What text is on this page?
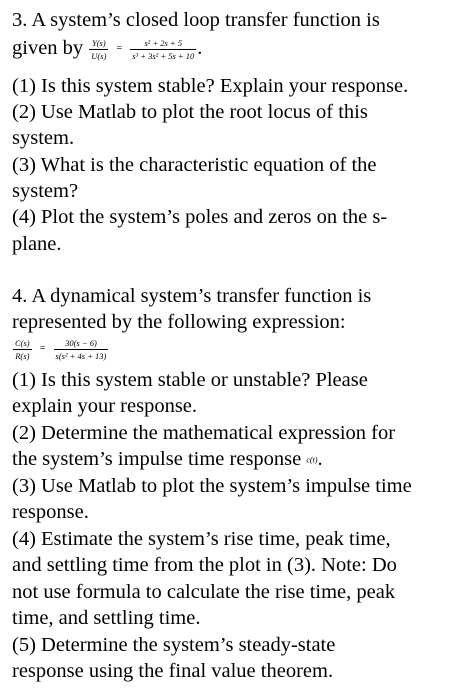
3. A system’s closed loop transfer function is
given by $\frac{Y(s)}{U(s)} = \frac{\text{s² + 2s + 5}}{\text{s³ + 3s² + 5s + 10}}$ .
(1) Is this system stable? Explain your response.
(2) Use Matlab to plot the root locus of this
system.
(3) What is the characteristic equation of the
system?
(4) Plot the system’s poles and zeros on the s-
plane.
4. A dynamical system’s transfer function is
represented by the following expression:
$\frac{C(s)}{R(s)} = \frac{30(s - 6)}{\text{s(s² + 4s + 13)}}$
(1) Is this system stable or unstable? Please
explain your response.
(2) Determine the mathematical expression for
the system’s impulse time response c(t).
(3) Use Matlab to plot the system’s impulse time
response.
(4) Estimate the system’s rise time, peak time,
and settling time from the plot in (3). Note: Do
not use formula to calculate the rise time, peak
time, and settling time.
(5) Determine the system’s steady-state
response using the final value theorem.
